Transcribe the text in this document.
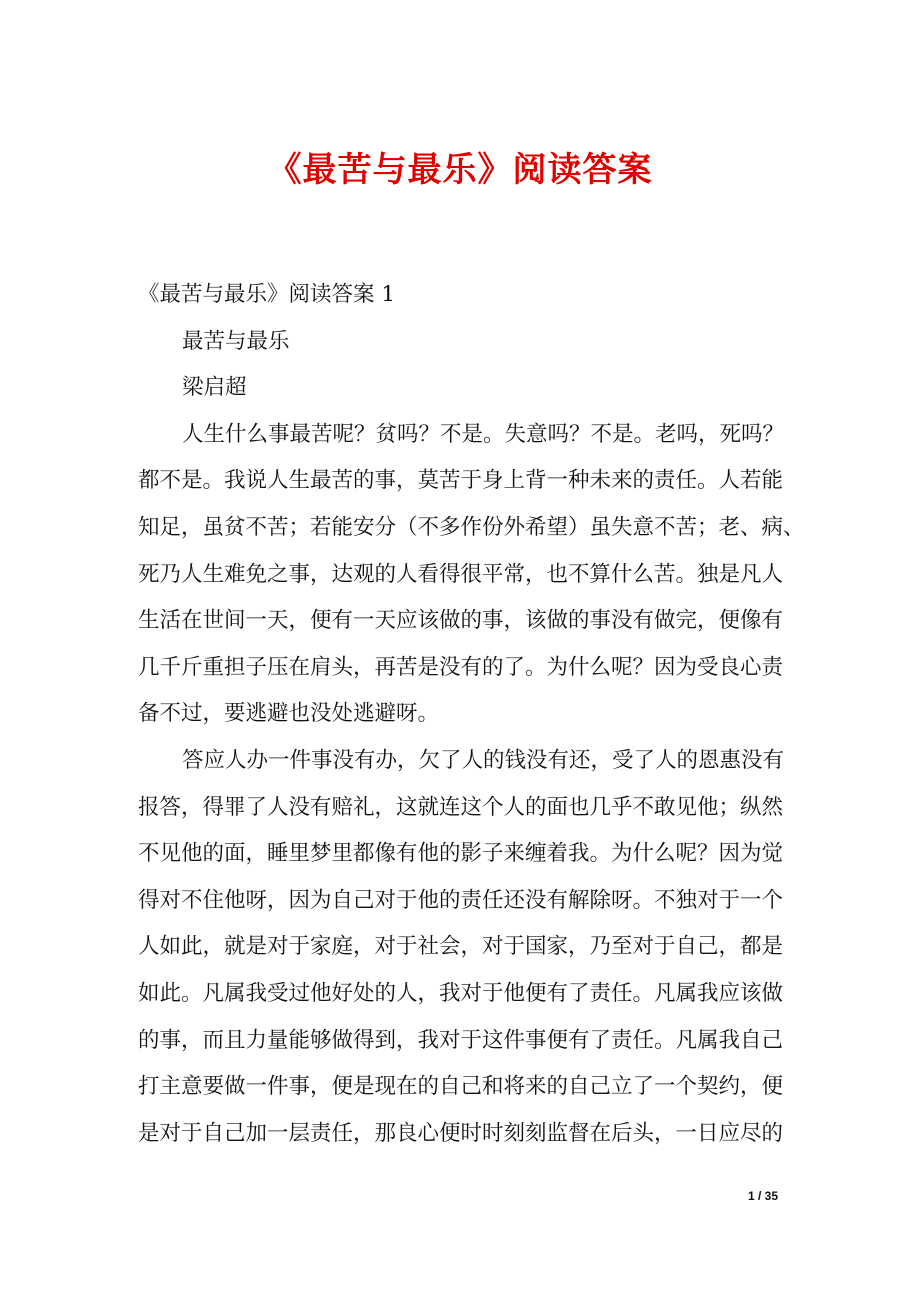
《最苦与最乐》阅读答案
《最苦与最乐》阅读答案 1
最苦与最乐
梁启超
人生什么事最苦呢？贫吗？不是。失意吗？不是。老吗，死吗？
都不是。我说人生最苦的事，莫苦于身上背一种未来的责任。人若能
知足，虽贫不苦；若能安分（不多作份外希望）虽失意不苦；老、病、
死乃人生难免之事，达观的人看得很平常，也不算什么苦。独是凡人
生活在世间一天，便有一天应该做的事，该做的事没有做完，便像有
几千斤重担子压在肩头，再苦是没有的了。为什么呢？因为受良心责
备不过，要逃避也没处逃避呀。
答应人办一件事没有办，欠了人的钱没有还，受了人的恩惠没有
报答，得罪了人没有赔礼，这就连这个人的面也几乎不敢见他；纵然
不见他的面，睡里梦里都像有他的影子来缠着我。为什么呢？因为觉
得对不住他呀，因为自己对于他的责任还没有解除呀。不独对于一个
人如此，就是对于家庭，对于社会，对于国家，乃至对于自己，都是
如此。凡属我受过他好处的人，我对于他便有了责任。凡属我应该做
的事，而且力量能够做得到，我对于这件事便有了责任。凡属我自己
打主意要做一件事，便是现在的自己和将来的自己立了一个契约，便
是对于自己加一层责任，那良心便时时刻刻监督在后头，一日应尽的
1 / 35
